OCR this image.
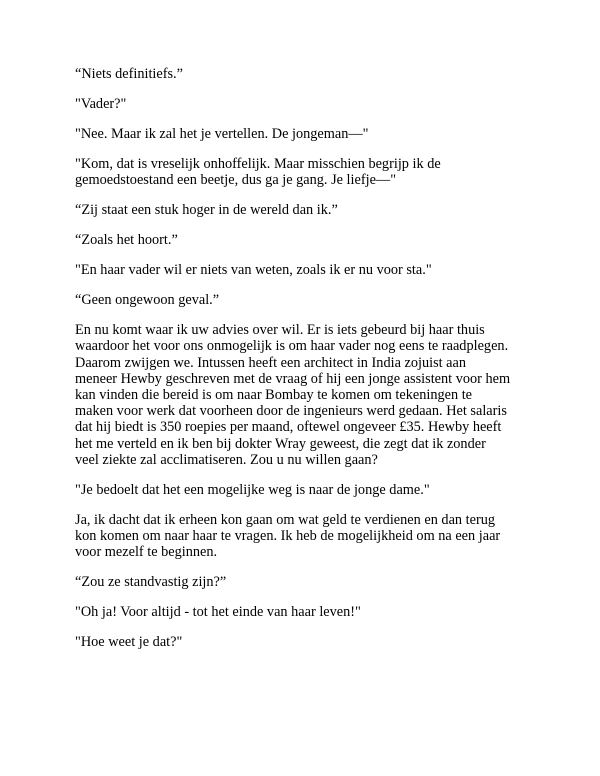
“Niets definitiefs.”

"Vader?"

"Nee. Maar ik zal het je vertellen. De jongeman—"

"Kom, dat is vreselijk onhoffelijk. Maar misschien begrijp ik de
gemoedstoestand een beetje, dus ga je gang. Je liefje—"

“Zij staat een stuk hoger in de wereld dan ik.”

“Zoals het hoort.”

"En haar vader wil er niets van weten, zoals ik er nu voor sta."

“Geen ongewoon geval.”

En nu komt waar ik uw advies over wil. Er is iets gebeurd bij haar thuis
waardoor het voor ons onmogelijk is om haar vader nog eens te raadplegen.
Daarom zwijgen we. Intussen heeft een architect in India zojuist aan
meneer Hewby geschreven met de vraag of hij een jonge assistent voor hem
kan vinden die bereid is om naar Bombay te komen om tekeningen te
maken voor werk dat voorheen door de ingenieurs werd gedaan. Het salaris
dat hij biedt is 350 roepies per maand, oftewel ongeveer £35. Hewby heeft
het me verteld en ik ben bij dokter Wray geweest, die zegt dat ik zonder
veel ziekte zal acclimatiseren. Zou u nu willen gaan?

"Je bedoelt dat het een mogelijke weg is naar de jonge dame."

Ja, ik dacht dat ik erheen kon gaan om wat geld te verdienen en dan terug
kon komen om naar haar te vragen. Ik heb de mogelijkheid om na een jaar
voor mezelf te beginnen.

“Zou ze standvastig zijn?”

"Oh ja! Voor altijd - tot het einde van haar leven!"

"Hoe weet je dat?"
